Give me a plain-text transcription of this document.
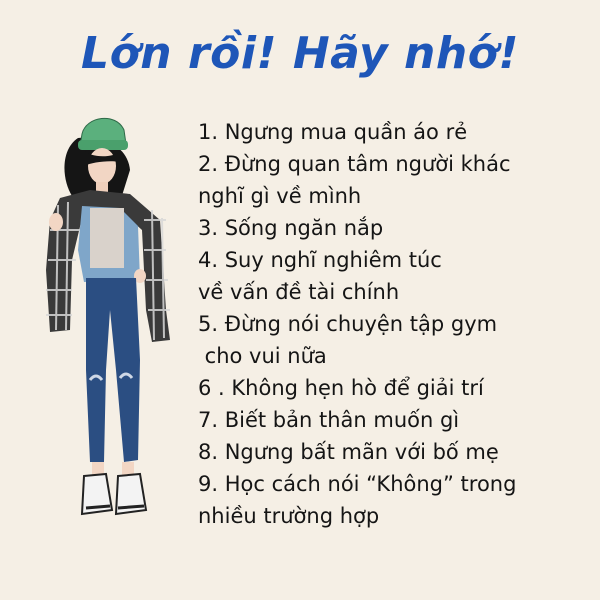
Lớn rồi! Hãy nhớ!
1. Ngưng mua quần áo rẻ
2. Đừng quan tâm người khác
nghĩ gì về mình
3. Sống ngăn nắp
4. Suy nghĩ nghiêm túc
về vấn đề tài chính
5. Đừng nói chuyện tập gym
cho vui nữa
6 . Không hẹn hò để giải trí
7. Biết bản thân muốn gì
8. Ngưng bất mãn với bố mẹ
9. Học cách nói “Không” trong
nhiều trường hợp
